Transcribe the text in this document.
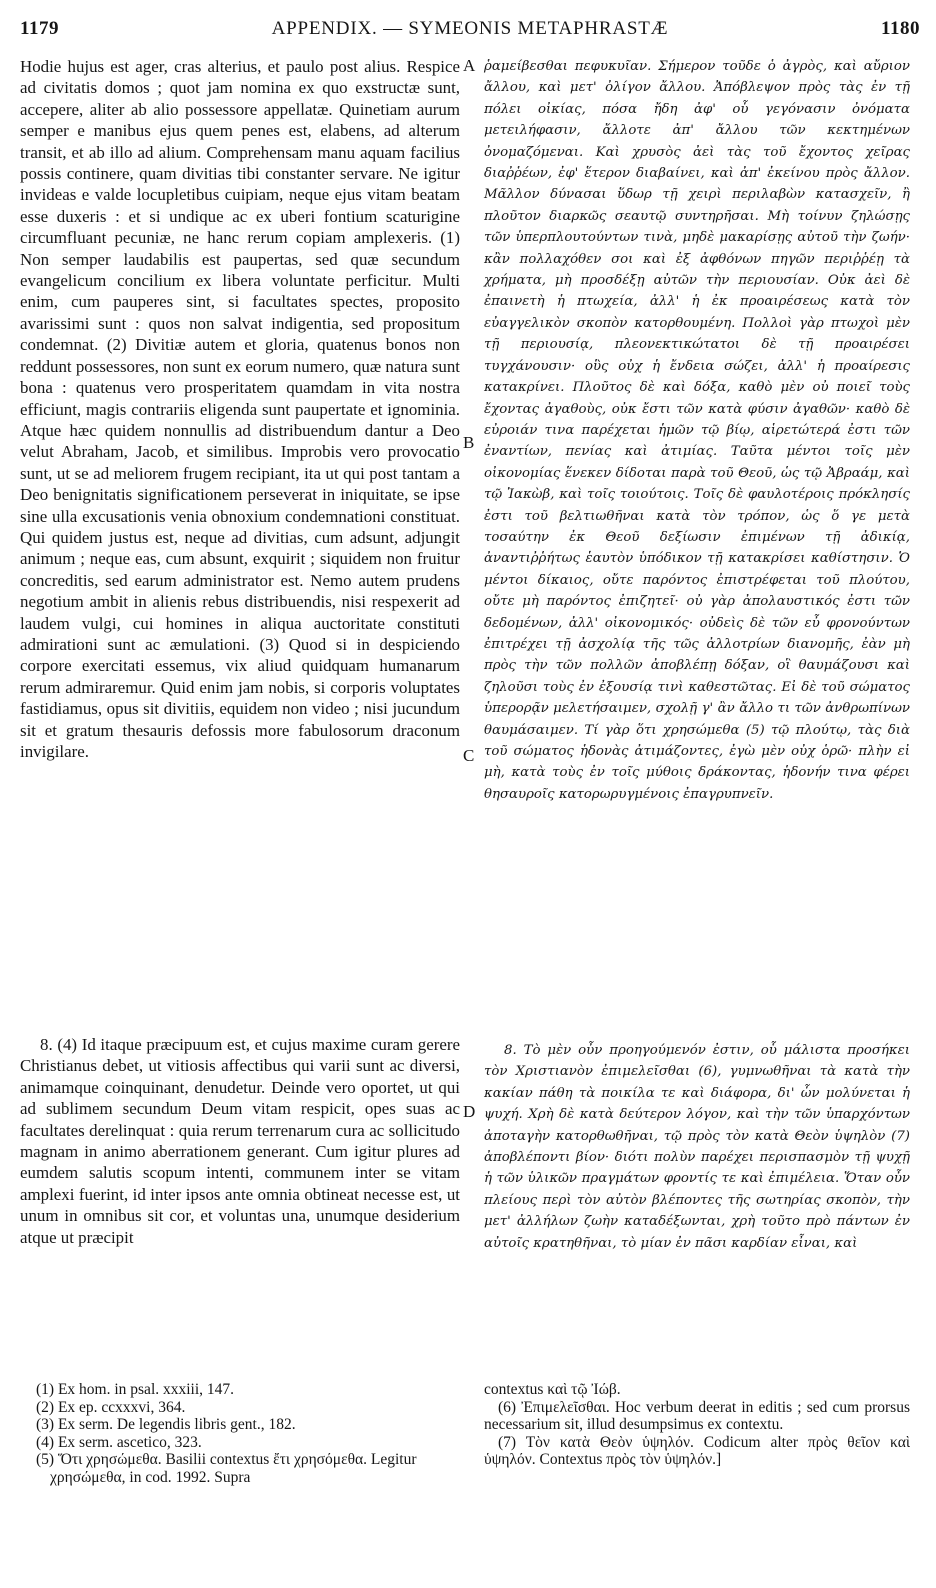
1179	APPENDIX. — SYMEONIS METAPHRASTÆ	1180
A
B
C
D

Hodie hujus est ager, cras alterius, et paulo post alius. Respice ad civitatis domos ; quot jam nomina ex quo exstructæ sunt, accepere, aliter ab alio possessore appellatæ. Quinetiam aurum semper e manibus ejus quem penes est, elabens, ad alterum transit, et ab illo ad alium. Comprehensam manu aquam facilius possis continere, quam divitias tibi constanter servare. Ne igitur invideas e valde locupletibus cuipiam, neque ejus vitam beatam esse duxeris : et si undique ac ex uberi fontium scaturigine circumfluant pecuniæ, ne hanc rerum copiam amplexeris. (1) Non semper laudabilis est paupertas, sed quæ secundum evangelicum concilium ex libera voluntate perficitur. Multi enim, cum pauperes sint, si facultates spectes, proposito avarissimi sunt : quos non salvat indigentia, sed propositum condemnat. (2) Divitiæ autem et gloria, quatenus bonos non reddunt possessores, non sunt ex eorum numero, quæ natura sunt bona : quatenus vero prosperitatem quamdam in vita nostra efficiunt, magis contrariis eligenda sunt paupertate et ignominia. Atque hæc quidem nonnullis ad distribuendum dantur a Deo velut Abraham, Jacob, et similibus. Improbis vero provocatio sunt, ut se ad meliorem frugem recipiant, ita ut qui post tantam a Deo benignitatis significationem perseverat in iniquitate, se ipse sine ulla excusationis venia obnoxium condemnationi constituat. Qui quidem justus est, neque ad divitias, cum adsunt, adjungit animum ; neque eas, cum absunt, exquirit ; siquidem non fruitur concreditis, sed earum administrator est. Nemo autem prudens negotium ambit in alienis rebus distribuendis, nisi respexerit ad laudem vulgi, cui homines in aliqua auctoritate constituti admirationi sunt ac æmulationi. (3) Quod si in despiciendo corpore exercitati essemus, vix aliud quidquam humanarum rerum admiraremur. Quid enim jam nobis, si corporis voluptates fastidiamus, opus sit divitiis, equidem non video ; nisi jucundum sit et gratum thesauris defossis more fabulosorum draconum invigilare.

ῥαμείβεσθαι πεφυκυῖαν. Σήμερον τοῦδε ὁ ἀγρὸς, καὶ αὔριον ἄλλου, καὶ μετ' ὀλίγον ἄλλου. Ἀπόβλεψον πρὸς τὰς ἐν τῇ πόλει οἰκίας, πόσα ἤδη ἀφ' οὗ γεγόνασιν ὀνόματα μετειλήφασιν, ἄλλοτε ἀπ' ἄλλου τῶν κεκτημένων ὀνομαζόμεναι. Καὶ χρυσὸς ἀεὶ τὰς τοῦ ἔχοντος χεῖρας διαῤῥέων, ἐφ' ἕτερον διαβαίνει, καὶ ἀπ' ἐκείνου πρὸς ἄλλον. Μᾶλλον δύνασαι ὕδωρ τῇ χειρὶ περιλαβὼν κατασχεῖν, ἢ πλοῦτον διαρκῶς σεαυτῷ συντηρῆσαι. Μὴ τοίνυν ζηλώσῃς τῶν ὑπερπλουτούντων τινὰ, μηδὲ μακαρίσῃς αὐτοῦ τὴν ζωήν· κἂν πολλαχόθεν σοι καὶ ἐξ ἀφθόνων πηγῶν περιῤῥέῃ τὰ χρήματα, μὴ προσδέξῃ αὐτῶν τὴν περιουσίαν. Οὐκ ἀεὶ δὲ ἐπαινετὴ ἡ πτωχεία, ἀλλ' ἡ ἐκ προαιρέσεως κατὰ τὸν εὐαγγελικὸν σκοπὸν κατορθουμένη. Πολλοὶ γὰρ πτωχοὶ μὲν τῇ περιουσίᾳ, πλεονεκτικώτατοι δὲ τῇ προαιρέσει τυγχάνουσιν· οὓς οὐχ ἡ ἔνδεια σώζει, ἀλλ' ἡ προαίρεσις κατακρίνει. Πλοῦτος δὲ καὶ δόξα, καθὸ μὲν οὐ ποιεῖ τοὺς ἔχοντας ἀγαθοὺς, οὐκ ἔστι τῶν κατὰ φύσιν ἀγαθῶν· καθὸ δὲ εὐροιάν τινα παρέχεται ἡμῶν τῷ βίῳ, αἱρετώτερά ἐστι τῶν ἐναντίων, πενίας καὶ ἀτιμίας. Ταῦτα μέντοι τοῖς μὲν οἰκονομίας ἕνεκεν δίδοται παρὰ τοῦ Θεοῦ, ὡς τῷ Ἀβραάμ, καὶ τῷ Ἰακὼβ, καὶ τοῖς τοιούτοις. Τοῖς δὲ φαυλοτέροις πρόκλησίς ἐστι τοῦ βελτιωθῆναι κατὰ τὸν τρόπον, ὡς ὅ γε μετὰ τοσαύτην ἐκ Θεοῦ δεξίωσιν ἐπιμένων τῇ ἀδικίᾳ, ἀναντιῤῥήτως ἑαυτὸν ὑπόδικον τῇ κατακρίσει καθίστησιν. Ὁ μέντοι δίκαιος, οὔτε παρόντος ἐπιστρέφεται τοῦ πλούτου, οὔτε μὴ παρόντος ἐπιζητεῖ· οὐ γὰρ ἀπολαυστικός ἐστι τῶν δεδομένων, ἀλλ' οἰκονομικός· οὐδεὶς δὲ τῶν εὖ φρονούντων ἐπιτρέχει τῇ ἀσχολίᾳ τῆς τῶς ἀλλοτρίων διανομῆς, ἐὰν μὴ πρὸς τὴν τῶν πολλῶν ἀποβλέπῃ δόξαν, οἳ θαυμάζουσι καὶ ζηλοῦσι τοὺς ἐν ἐξουσίᾳ τινὶ καθεστῶτας. Εἰ δὲ τοῦ σώματος ὑπερορᾷν μελετήσαιμεν, σχολῇ γ' ἂν ἄλλο τι τῶν ἀνθρωπίνων θαυμάσαιμεν. Τί γὰρ ὅτι χρησώμεθα (5) τῷ πλούτῳ, τὰς διὰ τοῦ σώματος ἡδονὰς ἀτιμάζοντες, ἐγὼ μὲν οὐχ ὁρῶ· πλὴν εἰ μὴ, κατὰ τοὺς ἐν τοῖς μύθοις δράκοντας, ἡδονήν τινα φέρει θησαυροῖς κατορωρυγμένοις ἐπαγρυπνεῖν.

8. (4) Id itaque præcipuum est, et cujus maxime curam gerere Christianus debet, ut vitiosis affectibus qui varii sunt ac diversi, animamque coinquinant, denudetur. Deinde vero oportet, ut qui ad sublimem secundum Deum vitam respicit, opes suas ac facultates derelinquat : quia rerum terrenarum cura ac sollicitudo magnam in animo aberrationem generant. Cum igitur plures ad eumdem salutis scopum intenti, communem inter se vitam amplexi fuerint, id inter ipsos ante omnia obtineat necesse est, ut unum in omnibus sit cor, et voluntas una, unumque desiderium atque ut præcipit

8. Τὸ μὲν οὖν προηγούμενόν ἐστιν, οὗ μάλιστα προσήκει τὸν Χριστιανὸν ἐπιμελεῖσθαι (6), γυμνωθῆναι τὰ κατὰ τὴν κακίαν πάθη τὰ ποικίλα τε καὶ διάφορα, δι' ὧν μολύνεται ἡ ψυχή. Χρὴ δὲ κατὰ δεύτερον λόγον, καὶ τὴν τῶν ὑπαρχόντων ἀποταγὴν κατορθωθῆναι, τῷ πρὸς τὸν κατὰ Θεὸν ὑψηλὸν (7) ἀποβλέποντι βίον· διότι πολὺν παρέχει περισπασμὸν τῇ ψυχῇ ἡ τῶν ὑλικῶν πραγμάτων φροντίς τε καὶ ἐπιμέλεια. Ὅταν οὖν πλείους περὶ τὸν αὐτὸν βλέποντες τῆς σωτηρίας σκοπὸν, τὴν μετ' ἀλλήλων ζωὴν καταδέξωνται, χρὴ τοῦτο πρὸ πάντων ἐν αὐτοῖς κρατηθῆναι, τὸ μίαν ἐν πᾶσι καρδίαν εἶναι, καὶ

(1) Ex hom. in psal. xxxiii, 147.

(2) Ex ep. ccxxxvi, 364.

(3) Ex serm. De legendis libris gent., 182.

(4) Ex serm. ascetico, 323.

(5) Ὅτι χρησώμεθα. Basilii contextus ἔτι χρησόμεθα. Legitur χρησώμεθα, in cod. 1992. Supra

contextus καὶ τῷ Ἰώβ.

(6) Ἐπιμελεῖσθαι. Hoc verbum deerat in editis ; sed cum prorsus necessarium sit, illud desumpsimus ex contextu.

(7) Τὸν κατὰ Θεὸν ὑψηλόν. Codicum alter πρὸς θεῖον καὶ ὑψηλόν. Contextus πρὸς τὸν ὑψηλόν.]
